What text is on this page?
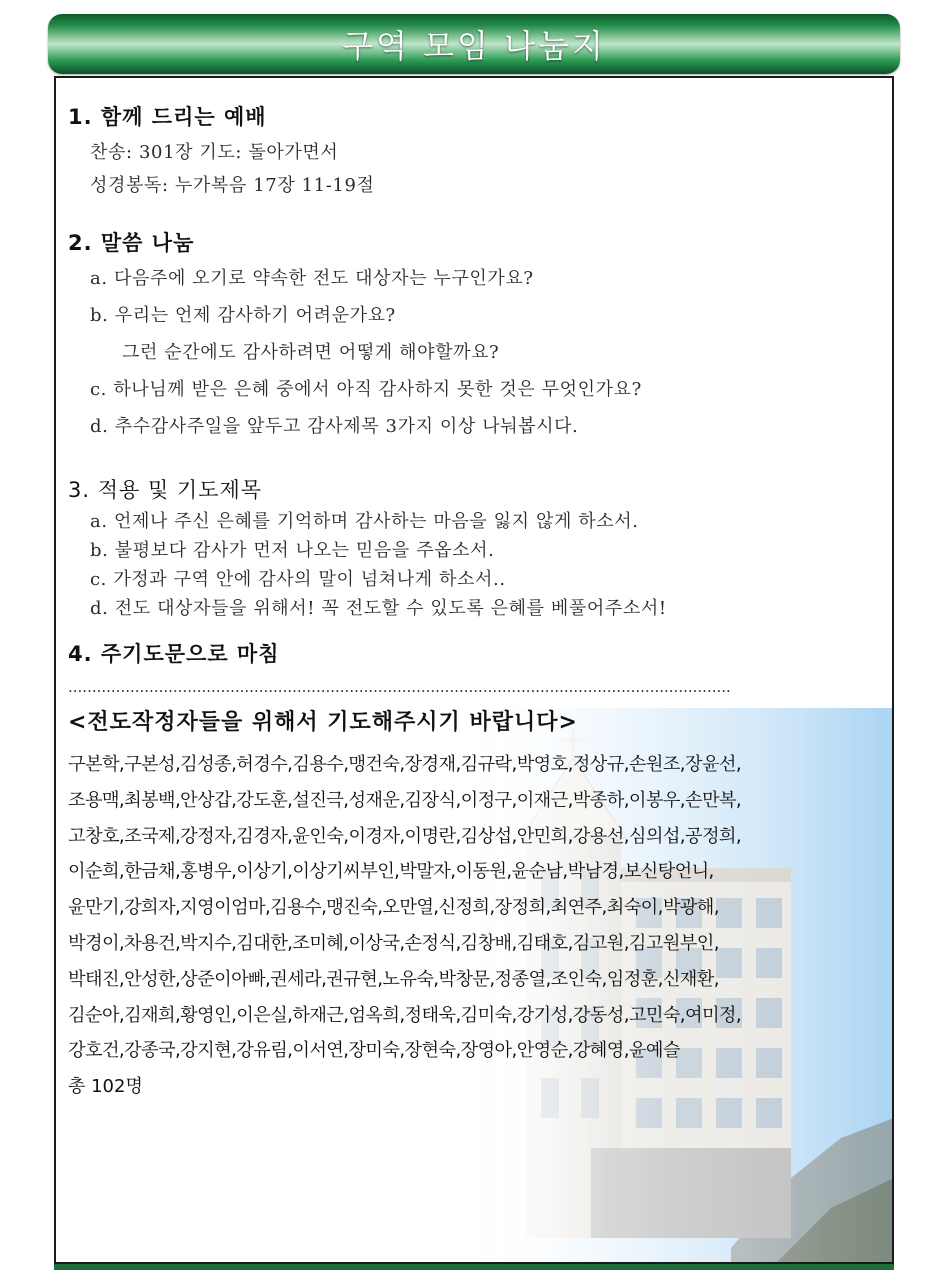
구역 모임 나눔지
1. 함께 드리는 예배

찬송: 301장 기도: 돌아가면서

성경봉독: 누가복음 17장 11-19절

2. 말씀 나눔

a. 다음주에 오기로 약속한 전도 대상자는 누구인가요?

b. 우리는 언제 감사하기 어려운가요?

그런 순간에도 감사하려면 어떻게 해야할까요?

c. 하나님께 받은 은혜 중에서 아직 감사하지 못한 것은 무엇인가요?

d. 추수감사주일을 앞두고 감사제목 3가지 이상 나눠봅시다.

3. 적용 및 기도제목

a. 언제나 주신 은혜를 기억하며 감사하는 마음을 잃지 않게 하소서.

b. 불평보다 감사가 먼저 나오는 믿음을 주옵소서.

c. 가정과 구역 안에 감사의 말이 넘쳐나게 하소서..

d. 전도 대상자들을 위해서! 꼭 전도할 수 있도록 은혜를 베풀어주소서!

4. 주기도문으로 마침
...........................................................................................................................................
<전도작정자들을 위해서 기도해주시기 바랍니다>
구본학,구본성,김성종,허경수,김용수,맹건숙,장경재,김규락,박영호,정상규,손원조,장윤선,
조용맥,최봉백,안상갑,강도훈,설진극,성재운,김장식,이정구,이재근,박종하,이봉우,손만복,
고창호,조국제,강정자,김경자,윤인숙,이경자,이명란,김상섭,안민희,강용선,심의섭,공정희,
이순희,한금채,홍병우,이상기,이상기씨부인,박말자,이동원,윤순남,박남경,보신탕언니,
윤만기,강희자,지영이엄마,김용수,맹진숙,오만열,신정희,장정희,최연주,최숙이,박광해,
박경이,차용건,박지수,김대한,조미혜,이상국,손정식,김창배,김태호,김고원,김고원부인,
박태진,안성한,상준이아빠,권세라,권규현,노유숙,박창문,정종열,조인숙,임정훈,신재환,
김순아,김재희,황영인,이은실,하재근,엄옥희,정태욱,김미숙,강기성,강동성,고민숙,여미정,
강호건,강종국,강지현,강유림,이서연,장미숙,장현숙,장영아,안영순,강혜영,윤예슬

총 102명
